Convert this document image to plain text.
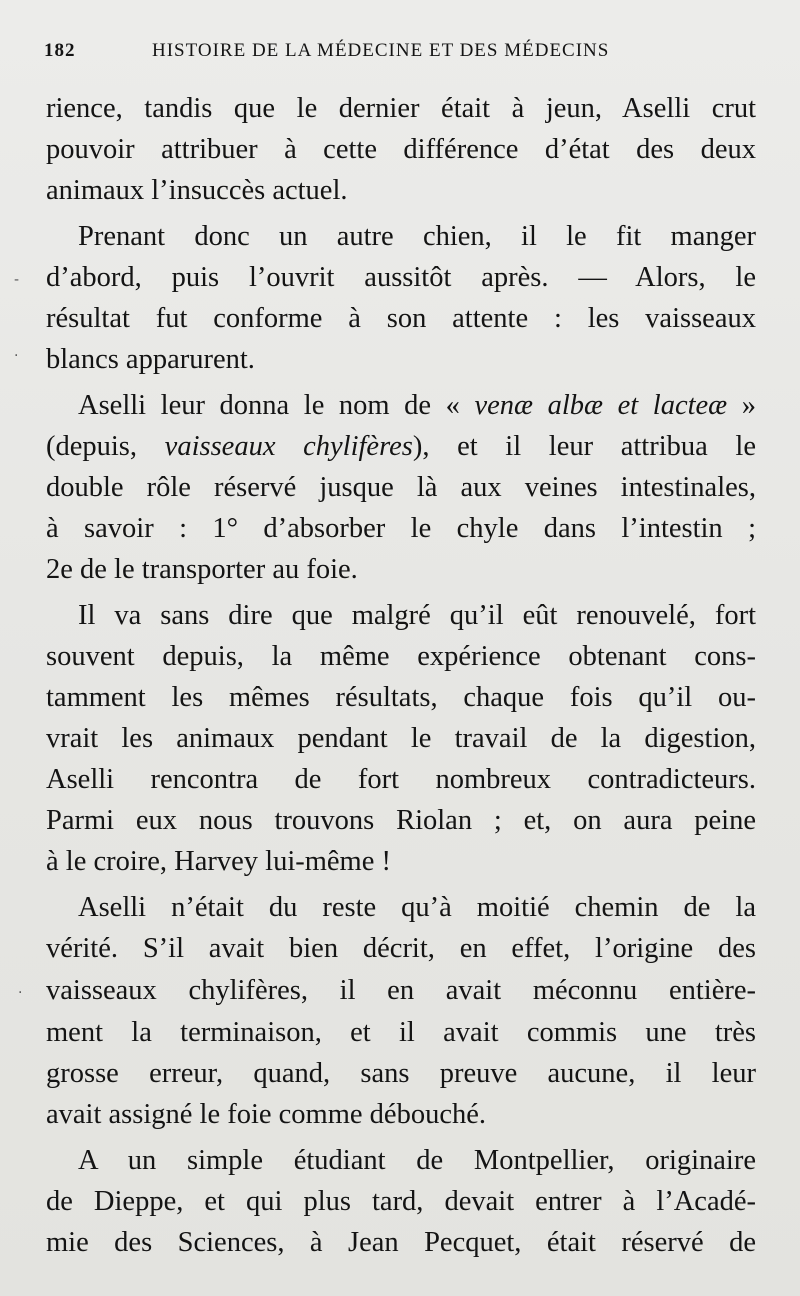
182	HISTOIRE DE LA MÉDECINE ET DES MÉDECINS
-
·
·
rience, tandis que le dernier était à jeun, Aselli crut
pouvoir attribuer à cette différence d’état des deux
animaux l’insuccès actuel.
Prenant donc un autre chien, il le fit manger
d’abord, puis l’ouvrit aussitôt après. — Alors, le
résultat fut conforme à son attente : les vaisseaux
blancs apparurent.
Aselli leur donna le nom de « venæ albæ et lacteæ »
(depuis, vaisseaux chylifères), et il leur attribua le
double rôle réservé jusque là aux veines intestinales,
à savoir : 1° d’absorber le chyle dans l’intestin ;
2e de le transporter au foie.
Il va sans dire que malgré qu’il eût renouvelé, fort
souvent depuis, la même expérience obtenant cons-
tamment les mêmes résultats, chaque fois qu’il ou-
vrait les animaux pendant le travail de la digestion,
Aselli rencontra de fort nombreux contradicteurs.
Parmi eux nous trouvons Riolan ; et, on aura peine
à le croire, Harvey lui-même !
Aselli n’était du reste qu’à moitié chemin de la
vérité. S’il avait bien décrit, en effet, l’origine des
vaisseaux chylifères, il en avait méconnu entière-
ment la terminaison, et il avait commis une très
grosse erreur, quand, sans preuve aucune, il leur
avait assigné le foie comme débouché.
A un simple étudiant de Montpellier, originaire
de Dieppe, et qui plus tard, devait entrer à l’Acadé-
mie des Sciences, à Jean Pecquet, était réservé de
